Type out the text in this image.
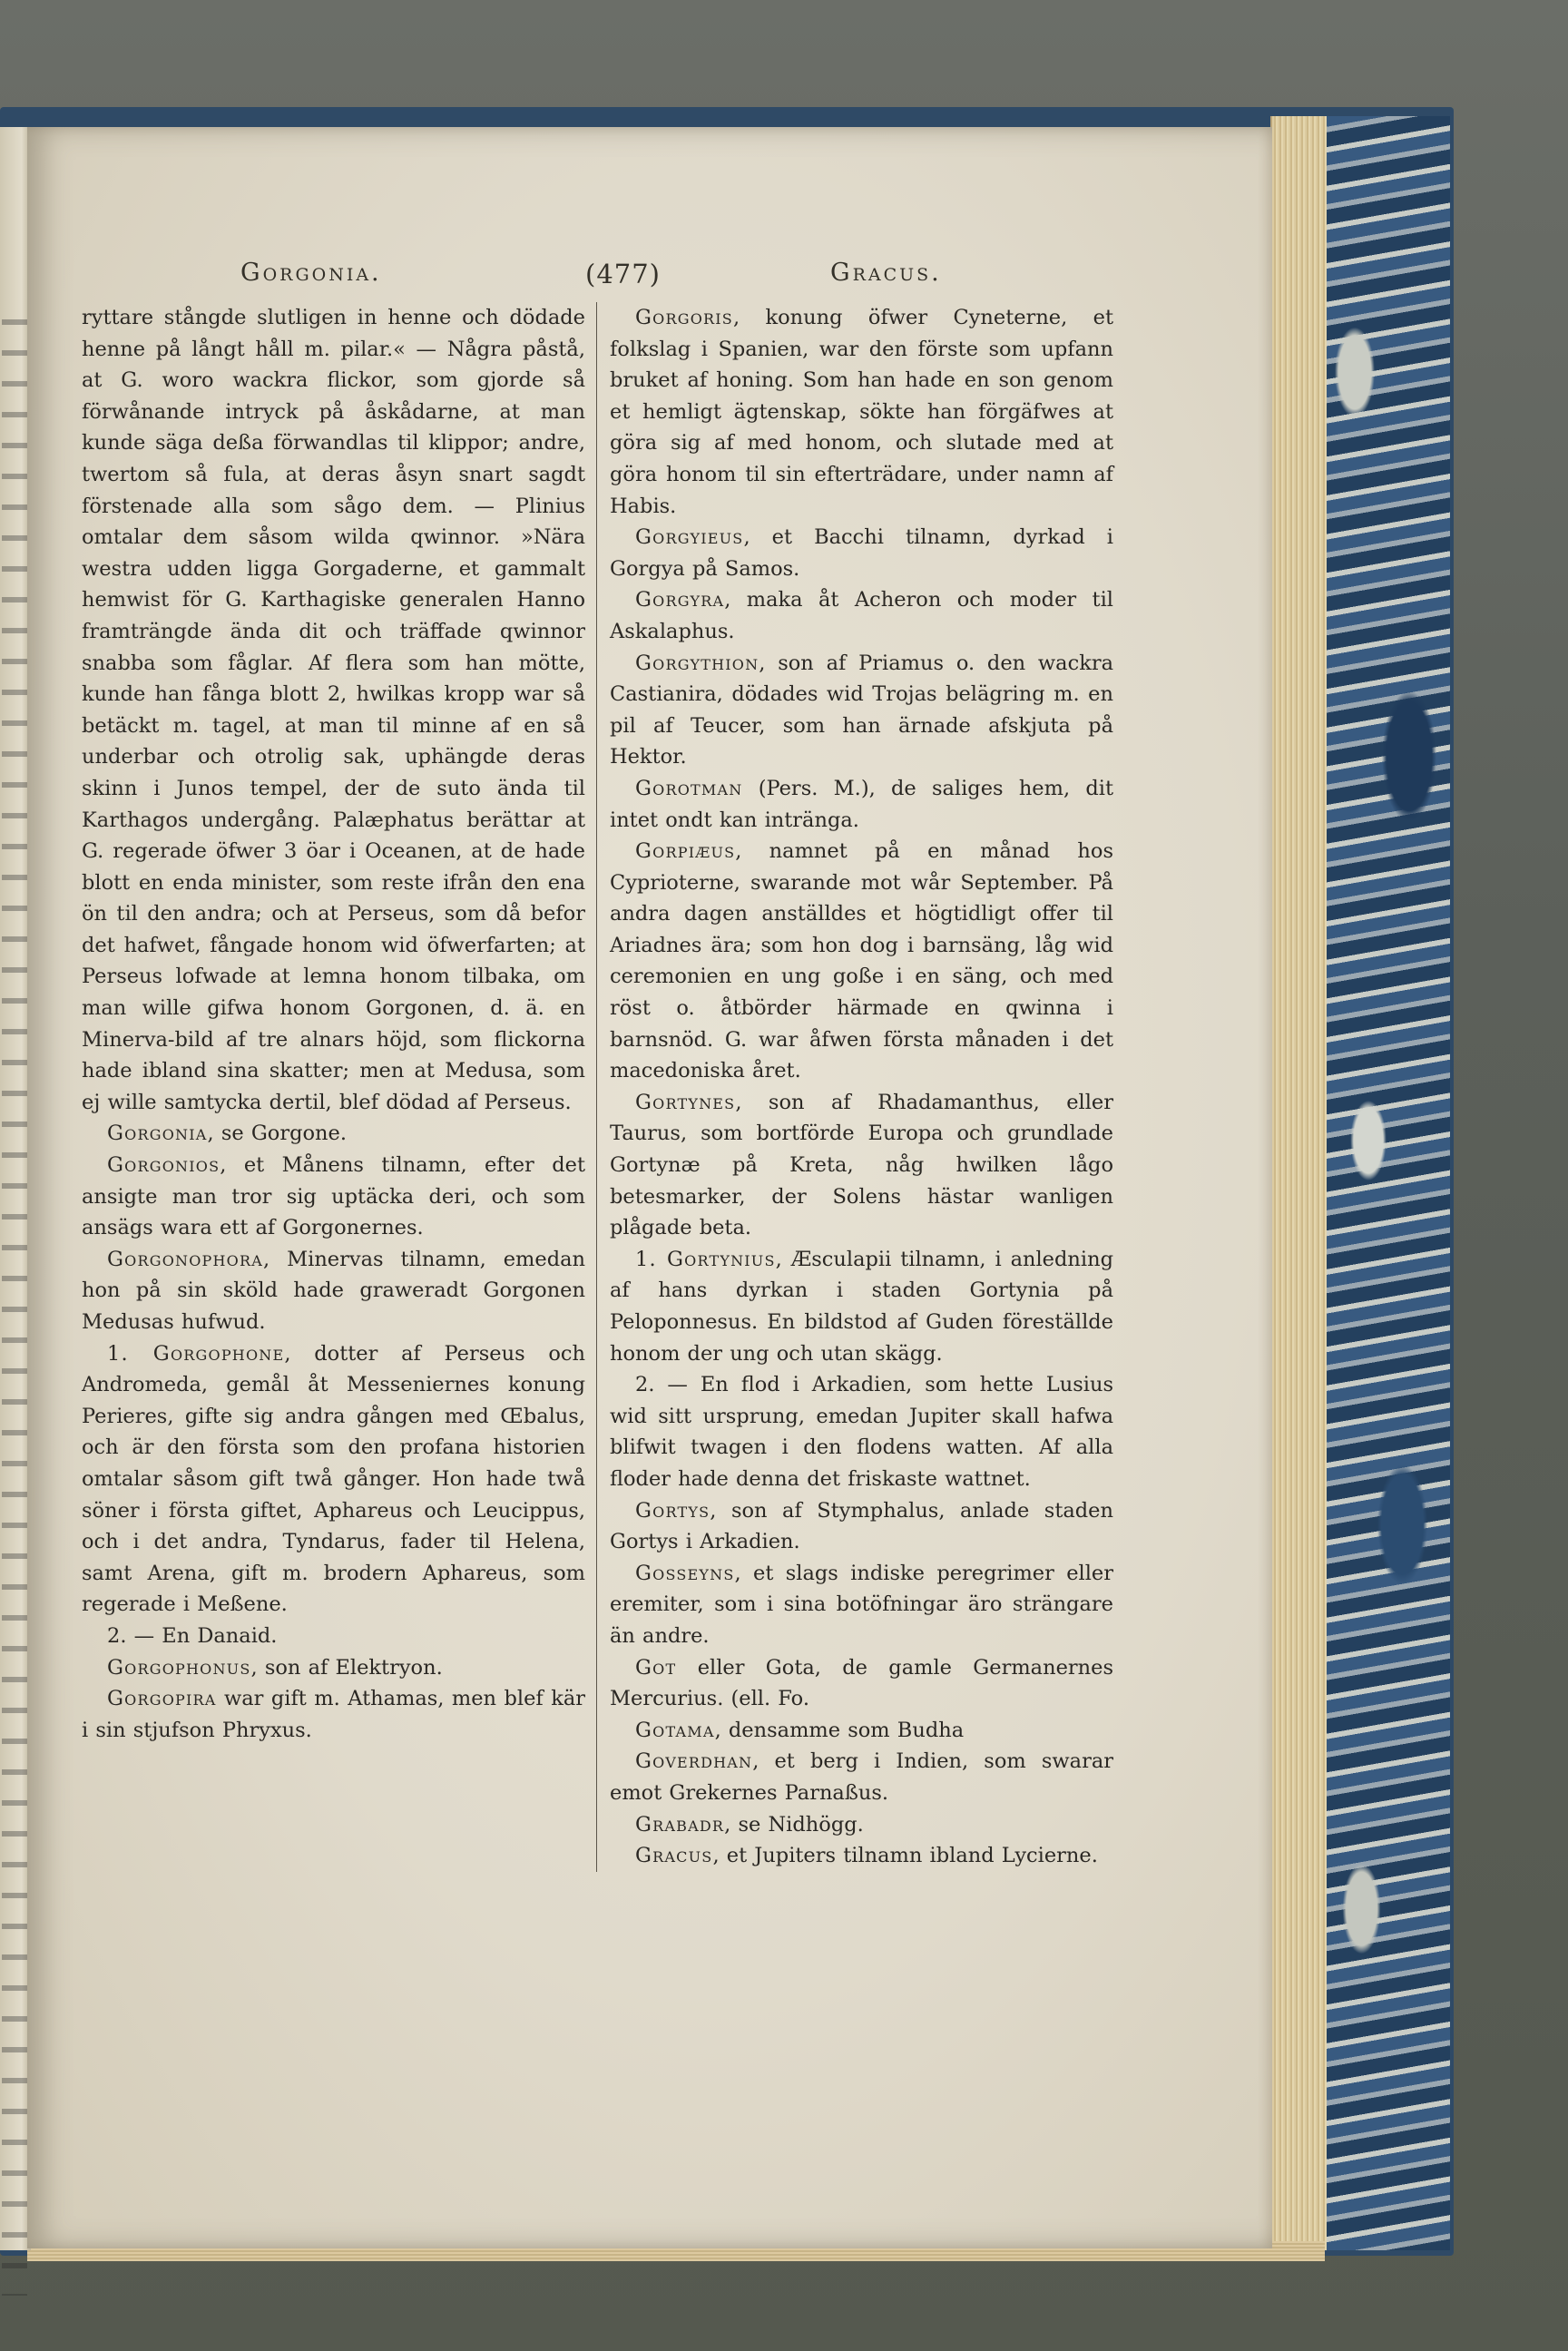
Gorgonia.	(477)	Gracus.

ryttare stångde slutligen in henne och dödade henne på långt håll m. pilar.« — Några påstå, at G. woro wackra flickor, som gjorde så förwånande intryck på åskådarne, at man kunde säga deßa förwandlas til klippor; andre, twertom så fula, at deras åsyn snart sagdt förstenade alla som sågo dem. — Plinius omtalar dem såsom wilda qwinnor. »Nära westra udden ligga Gorgaderne, et gammalt hemwist för G. Karthagiske generalen Hanno framträngde ända dit och träffade qwinnor snabba som fåglar. Af flera som han mötte, kunde han fånga blott 2, hwilkas kropp war så betäckt m. tagel, at man til minne af en så underbar och otrolig sak, uphängde deras skinn i Junos tempel, der de suto ända til Karthagos undergång. Palæphatus berättar at G. regerade öfwer 3 öar i Oceanen, at de hade blott en enda minister, som reste ifrån den ena ön til den andra; och at Perseus, som då befor det hafwet, fångade honom wid öfwerfarten; at Perseus lofwade at lemna honom tilbaka, om man wille gifwa honom Gorgonen, d. ä. en Minerva-bild af tre alnars höjd, som flickorna hade ibland sina skatter; men at Medusa, som ej wille samtycka dertil, blef dödad af Perseus.

Gorgonia, se Gorgone.

Gorgonios, et Månens tilnamn, efter det ansigte man tror sig uptäcka deri, och som ansägs wara ett af Gorgonernes.

Gorgonophora, Minervas tilnamn, emedan hon på sin sköld hade graweradt Gorgonen Medusas hufwud.

1. Gorgophone, dotter af Perseus och Andromeda, gemål åt Messeniernes konung Perieres, gifte sig andra gången med Œbalus, och är den första som den profana historien omtalar såsom gift twå gånger. Hon hade twå söner i första giftet, Aphareus och Leucippus, och i det andra, Tyndarus, fader til Helena, samt Arena, gift m. brodern Aphareus, som regerade i Meßene.

2. — En Danaid.

Gorgophonus, son af Elektryon.

Gorgopira war gift m. Athamas, men blef kär i sin stjufson Phryxus.

Gorgoris, konung öfwer Cyneterne, et folkslag i Spanien, war den förste som upfann bruket af honing. Som han hade en son genom et hemligt ägtenskap, sökte han förgäfwes at göra sig af med honom, och slutade med at göra honom til sin efterträdare, under namn af Habis.

Gorgyieus, et Bacchi tilnamn, dyrkad i Gorgya på Samos.

Gorgyra, maka åt Acheron och moder til Askalaphus.

Gorgythion, son af Priamus o. den wackra Castianira, dödades wid Trojas belägring m. en pil af Teucer, som han ärnade afskjuta på Hektor.

Gorotman (Pers. M.), de saliges hem, dit intet ondt kan intränga.

Gorpiæus, namnet på en månad hos Cyprioterne, swarande mot wår September. På andra dagen anställdes et högtidligt offer til Ariadnes ära; som hon dog i barnsäng, låg wid ceremonien en ung goße i en säng, och med röst o. åtbörder härmade en qwinna i barnsnöd. G. war åfwen första månaden i det macedoniska året.

Gortynes, son af Rhadamanthus, eller Taurus, som bortförde Europa och grundlade Gortynæ på Kreta, någ hwilken lågo betesmarker, der Solens hästar wanligen plågade beta.

1. Gortynius, Æsculapii tilnamn, i anledning af hans dyrkan i staden Gortynia på Peloponnesus. En bildstod af Guden föreställde honom der ung och utan skägg.

2. — En flod i Arkadien, som hette Lusius wid sitt ursprung, emedan Jupiter skall hafwa blifwit twagen i den flodens watten. Af alla floder hade denna det friskaste wattnet.

Gortys, son af Stymphalus, anlade staden Gortys i Arkadien.

Gosseyns, et slags indiske peregrimer eller eremiter, som i sina botöfningar äro strängare än andre.

Got eller Gota, de gamle Germanernes Mercurius. (ell. Fo.

Gotama, densamme som Budha

Goverdhan, et berg i Indien, som swarar emot Grekernes Parnaßus.

Grabadr, se Nidhögg.

Gracus, et Jupiters tilnamn ibland Lycierne.
